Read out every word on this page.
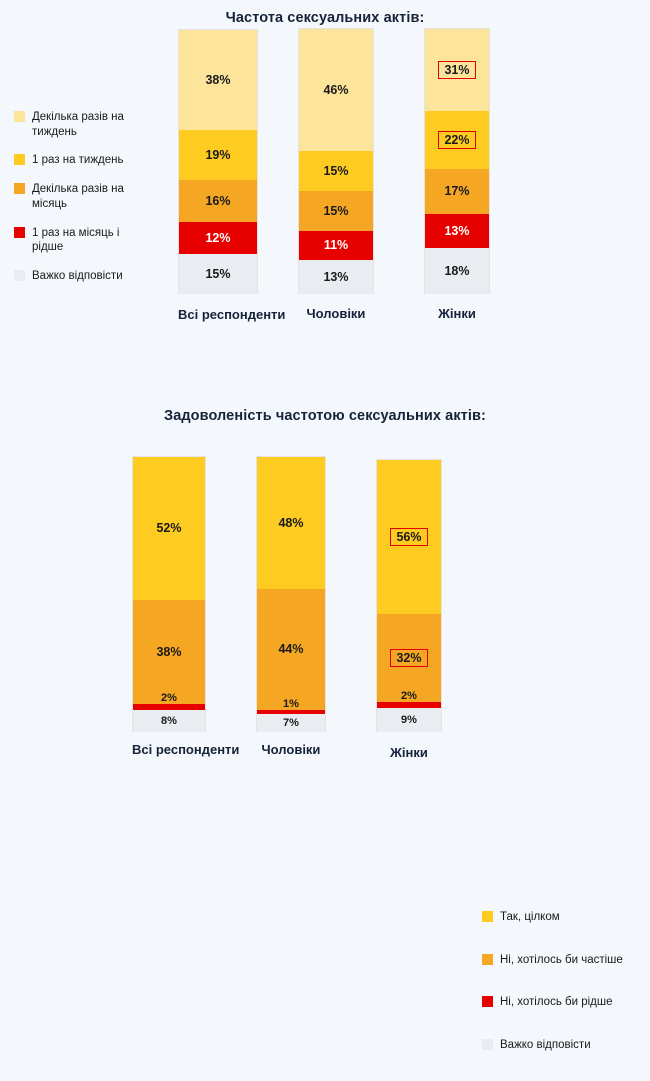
Частота сексуальних актів:
Декілька разів на тиждень
1 раз на тиждень
Декілька разів на місяць
1 раз на місяць і рідше
Важко відповісти
38%
19%
16%
12%
15%
Всі респонденти
46%
15%
15%
11%
13%
Чоловіки
31%
22%
17%
13%
18%
Жінки
Задоволеність частотою сексуальних актів:
Так, цілком
Ні, хотілось би частіше
Ні, хотілось би рідше
Важко відповісти
52%
38%
2%
8%
Всі респонденти
48%
44%
1%
7%
Чоловіки
56%
32%
2%
9%
Жінки
